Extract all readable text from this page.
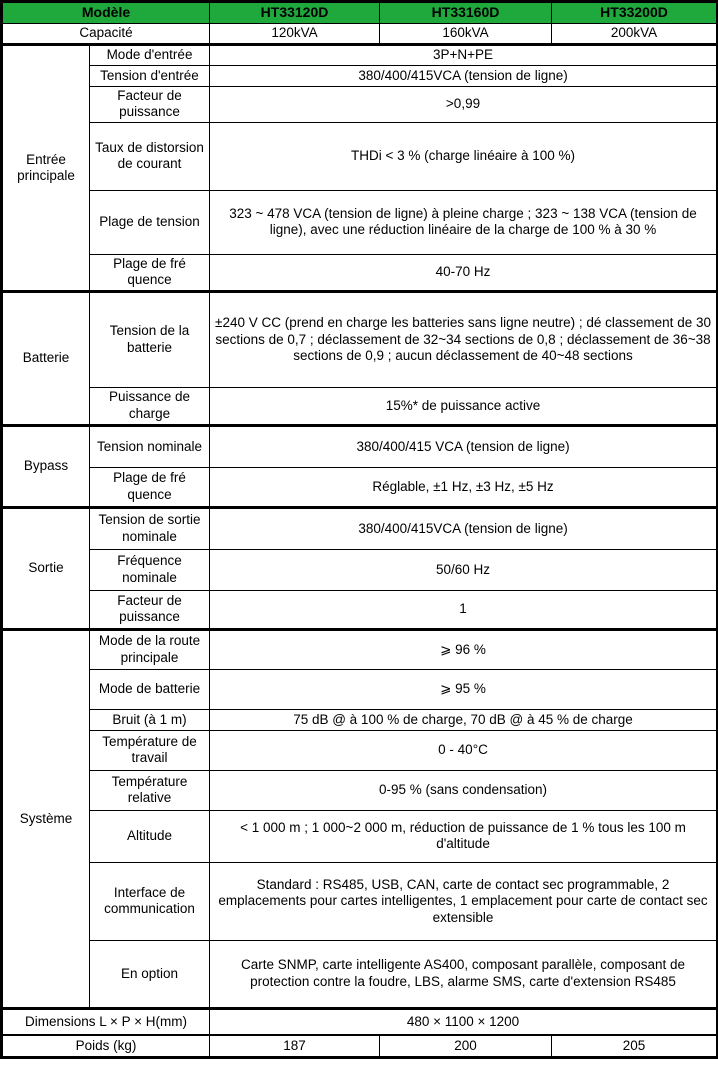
Modèle		HT33120D	HT33160D	HT33200D
Capacité		120kVA	160kVA	200kVA
Entrée principale	Mode d'entrée	3P+N+PE		
	Tension d'entrée	380/400/415VCA (tension de ligne)		
	Facteur de puissance	>0,99		
	Taux de distorsion de courant	THDi < 3 % (charge linéaire à 100 %)		
	Plage de tension	323 ~ 478 VCA (tension de ligne) à pleine charge ; 323 ~ 138 VCA (tension de ligne), avec une réduction linéaire de la charge de 100 % à 30 %		
	Plage de fré quence	40-70 Hz		
Batterie	Tension de la batterie	±240 V CC (prend en charge les batteries sans ligne neutre) ; dé classement de 30 sections de 0,7 ; déclassement de 32~34 sections de 0,8 ; déclassement de 36~38 sections de 0,9 ; aucun déclassement de 40~48 sections		
	Puissance de charge	15%* de puissance active		
Bypass	Tension nominale	380/400/415 VCA (tension de ligne)		
	Plage de fré quence	Réglable, ±1 Hz, ±3 Hz, ±5 Hz		
Sortie	Tension de sortie nominale	380/400/415VCA (tension de ligne)		
	Fréquence nominale	50/60 Hz		
	Facteur de puissance	1		
Système	Mode de la route principale	⩾ 96 %		
	Mode de batterie	⩾ 95 %		
	Bruit (à 1 m)	75 dB @ à 100 % de charge, 70 dB @ à 45 % de charge		
	Température de travail	0 - 40°C		
	Température relative	0-95 % (sans condensation)		
	Altitude	< 1 000 m ; 1 000~2 000 m, réduction de puissance de 1 % tous les 100 m d'altitude		
	Interface de communication	Standard : RS485, USB, CAN, carte de contact sec programmable, 2 emplacements pour cartes intelligentes, 1 emplacement pour carte de contact sec extensible		
	En option	Carte SNMP, carte intelligente AS400, composant parallèle, composant de protection contre la foudre, LBS, alarme SMS, carte d'extension RS485		
Dimensions L × P × H(mm)		480 × 1100 × 1200		
Poids (kg)		187	200	205
